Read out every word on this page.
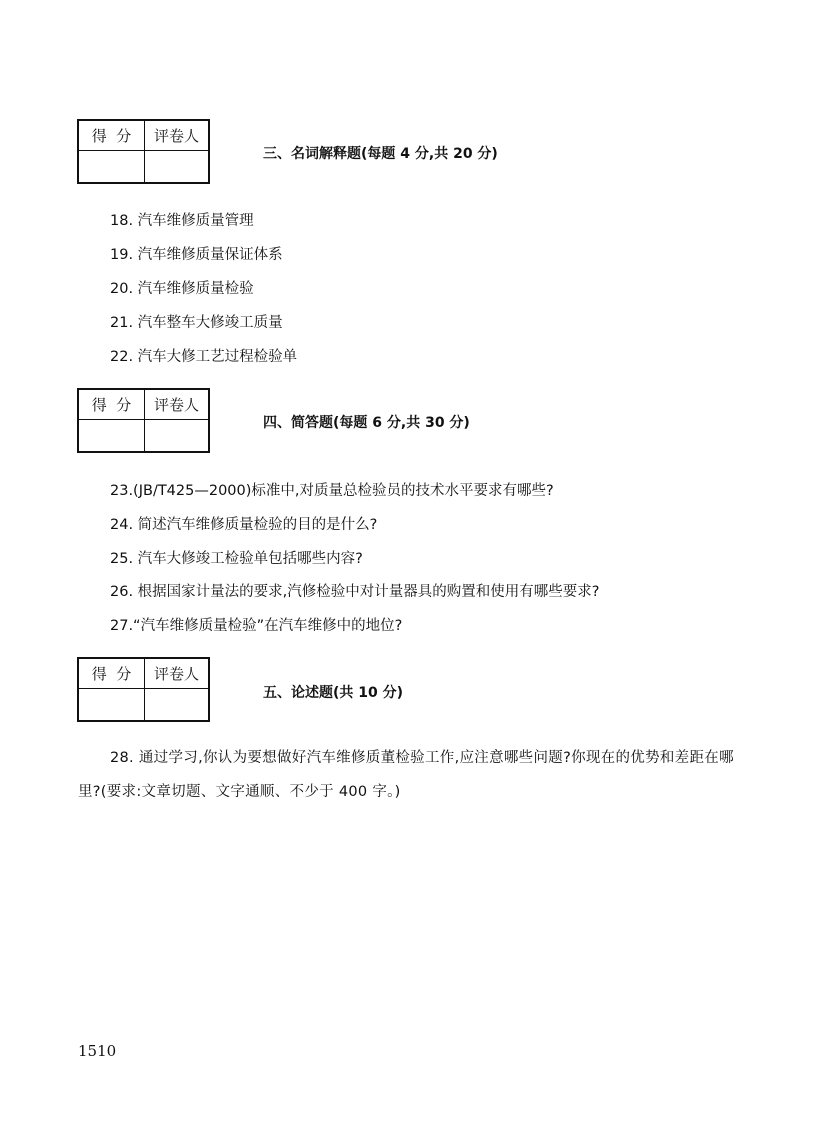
得  分	评卷人
三、名词解释题(每题 4 分,共 20 分)
18. 汽车维修质量管理
19. 汽车维修质量保证体系
20. 汽车维修质量检验
21. 汽车整车大修竣工质量
22. 汽车大修工艺过程检验单
得  分	评卷人
四、简答题(每题 6 分,共 30 分)
23.(JB/T425—2000)标准中,对质量总检验员的技术水平要求有哪些?
24. 简述汽车维修质量检验的目的是什么?
25. 汽车大修竣工检验单包括哪些内容?
26. 根据国家计量法的要求,汽修检验中对计量器具的购置和使用有哪些要求?
27.“汽车维修质量检验”在汽车维修中的地位?
得  分	评卷人
五、论述题(共 10 分)
28. 通过学习,你认为要想做好汽车维修质董检验工作,应注意哪些问题?你现在的优势和差距在哪里?(要求:文章切题、文字通顺、不少于 400 字。)
1510
